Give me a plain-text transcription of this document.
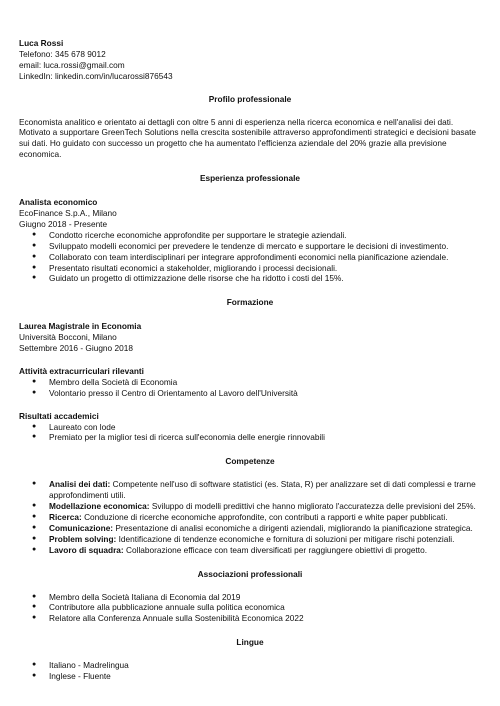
Luca Rossi
Telefono: 345 678 9012
email: luca.rossi@gmail.com
LinkedIn: linkedin.com/in/lucarossi876543
Profilo professionale

Economista analitico e orientato ai dettagli con oltre 5 anni di esperienza nella ricerca economica e nell'analisi dei dati. Motivato a supportare GreenTech Solutions nella crescita sostenibile attraverso approfondimenti strategici e decisioni basate sui dati. Ho guidato con successo un progetto che ha aumentato l'efficienza aziendale del 20% grazie alla previsione economica.

Esperienza professionale
Analista economico
EcoFinance S.p.A., Milano
Giugno 2018 - Presente
● Condotto ricerche economiche approfondite per supportare le strategie aziendali.
● Sviluppato modelli economici per prevedere le tendenze di mercato e supportare le decisioni di investimento.
● Collaborato con team interdisciplinari per integrare approfondimenti economici nella pianificazione aziendale.
● Presentato risultati economici a stakeholder, migliorando i processi decisionali.
● Guidato un progetto di ottimizzazione delle risorse che ha ridotto i costi del 15%.
Formazione
Laurea Magistrale in Economia
Università Bocconi, Milano
Settembre 2016 - Giugno 2018
Attività extracurriculari rilevanti
● Membro della Società di Economia
● Volontario presso il Centro di Orientamento al Lavoro dell'Università
Risultati accademici
● Laureato con lode
● Premiato per la miglior tesi di ricerca sull'economia delle energie rinnovabili
Competenze
● Analisi dei dati: Competente nell'uso di software statistici (es. Stata, R) per analizzare set di dati complessi e trarne approfondimenti utili.
● Modellazione economica: Sviluppo di modelli predittivi che hanno migliorato l'accuratezza delle previsioni del 25%.
● Ricerca: Conduzione di ricerche economiche approfondite, con contributi a rapporti e white paper pubblicati.
● Comunicazione: Presentazione di analisi economiche a dirigenti aziendali, migliorando la pianificazione strategica.
● Problem solving: Identificazione di tendenze economiche e fornitura di soluzioni per mitigare rischi potenziali.
● Lavoro di squadra: Collaborazione efficace con team diversificati per raggiungere obiettivi di progetto.
Associazioni professionali
● Membro della Società Italiana di Economia dal 2019
● Contributore alla pubblicazione annuale sulla politica economica
● Relatore alla Conferenza Annuale sulla Sostenibilità Economica 2022
Lingue
● Italiano - Madrelingua
● Inglese - Fluente
